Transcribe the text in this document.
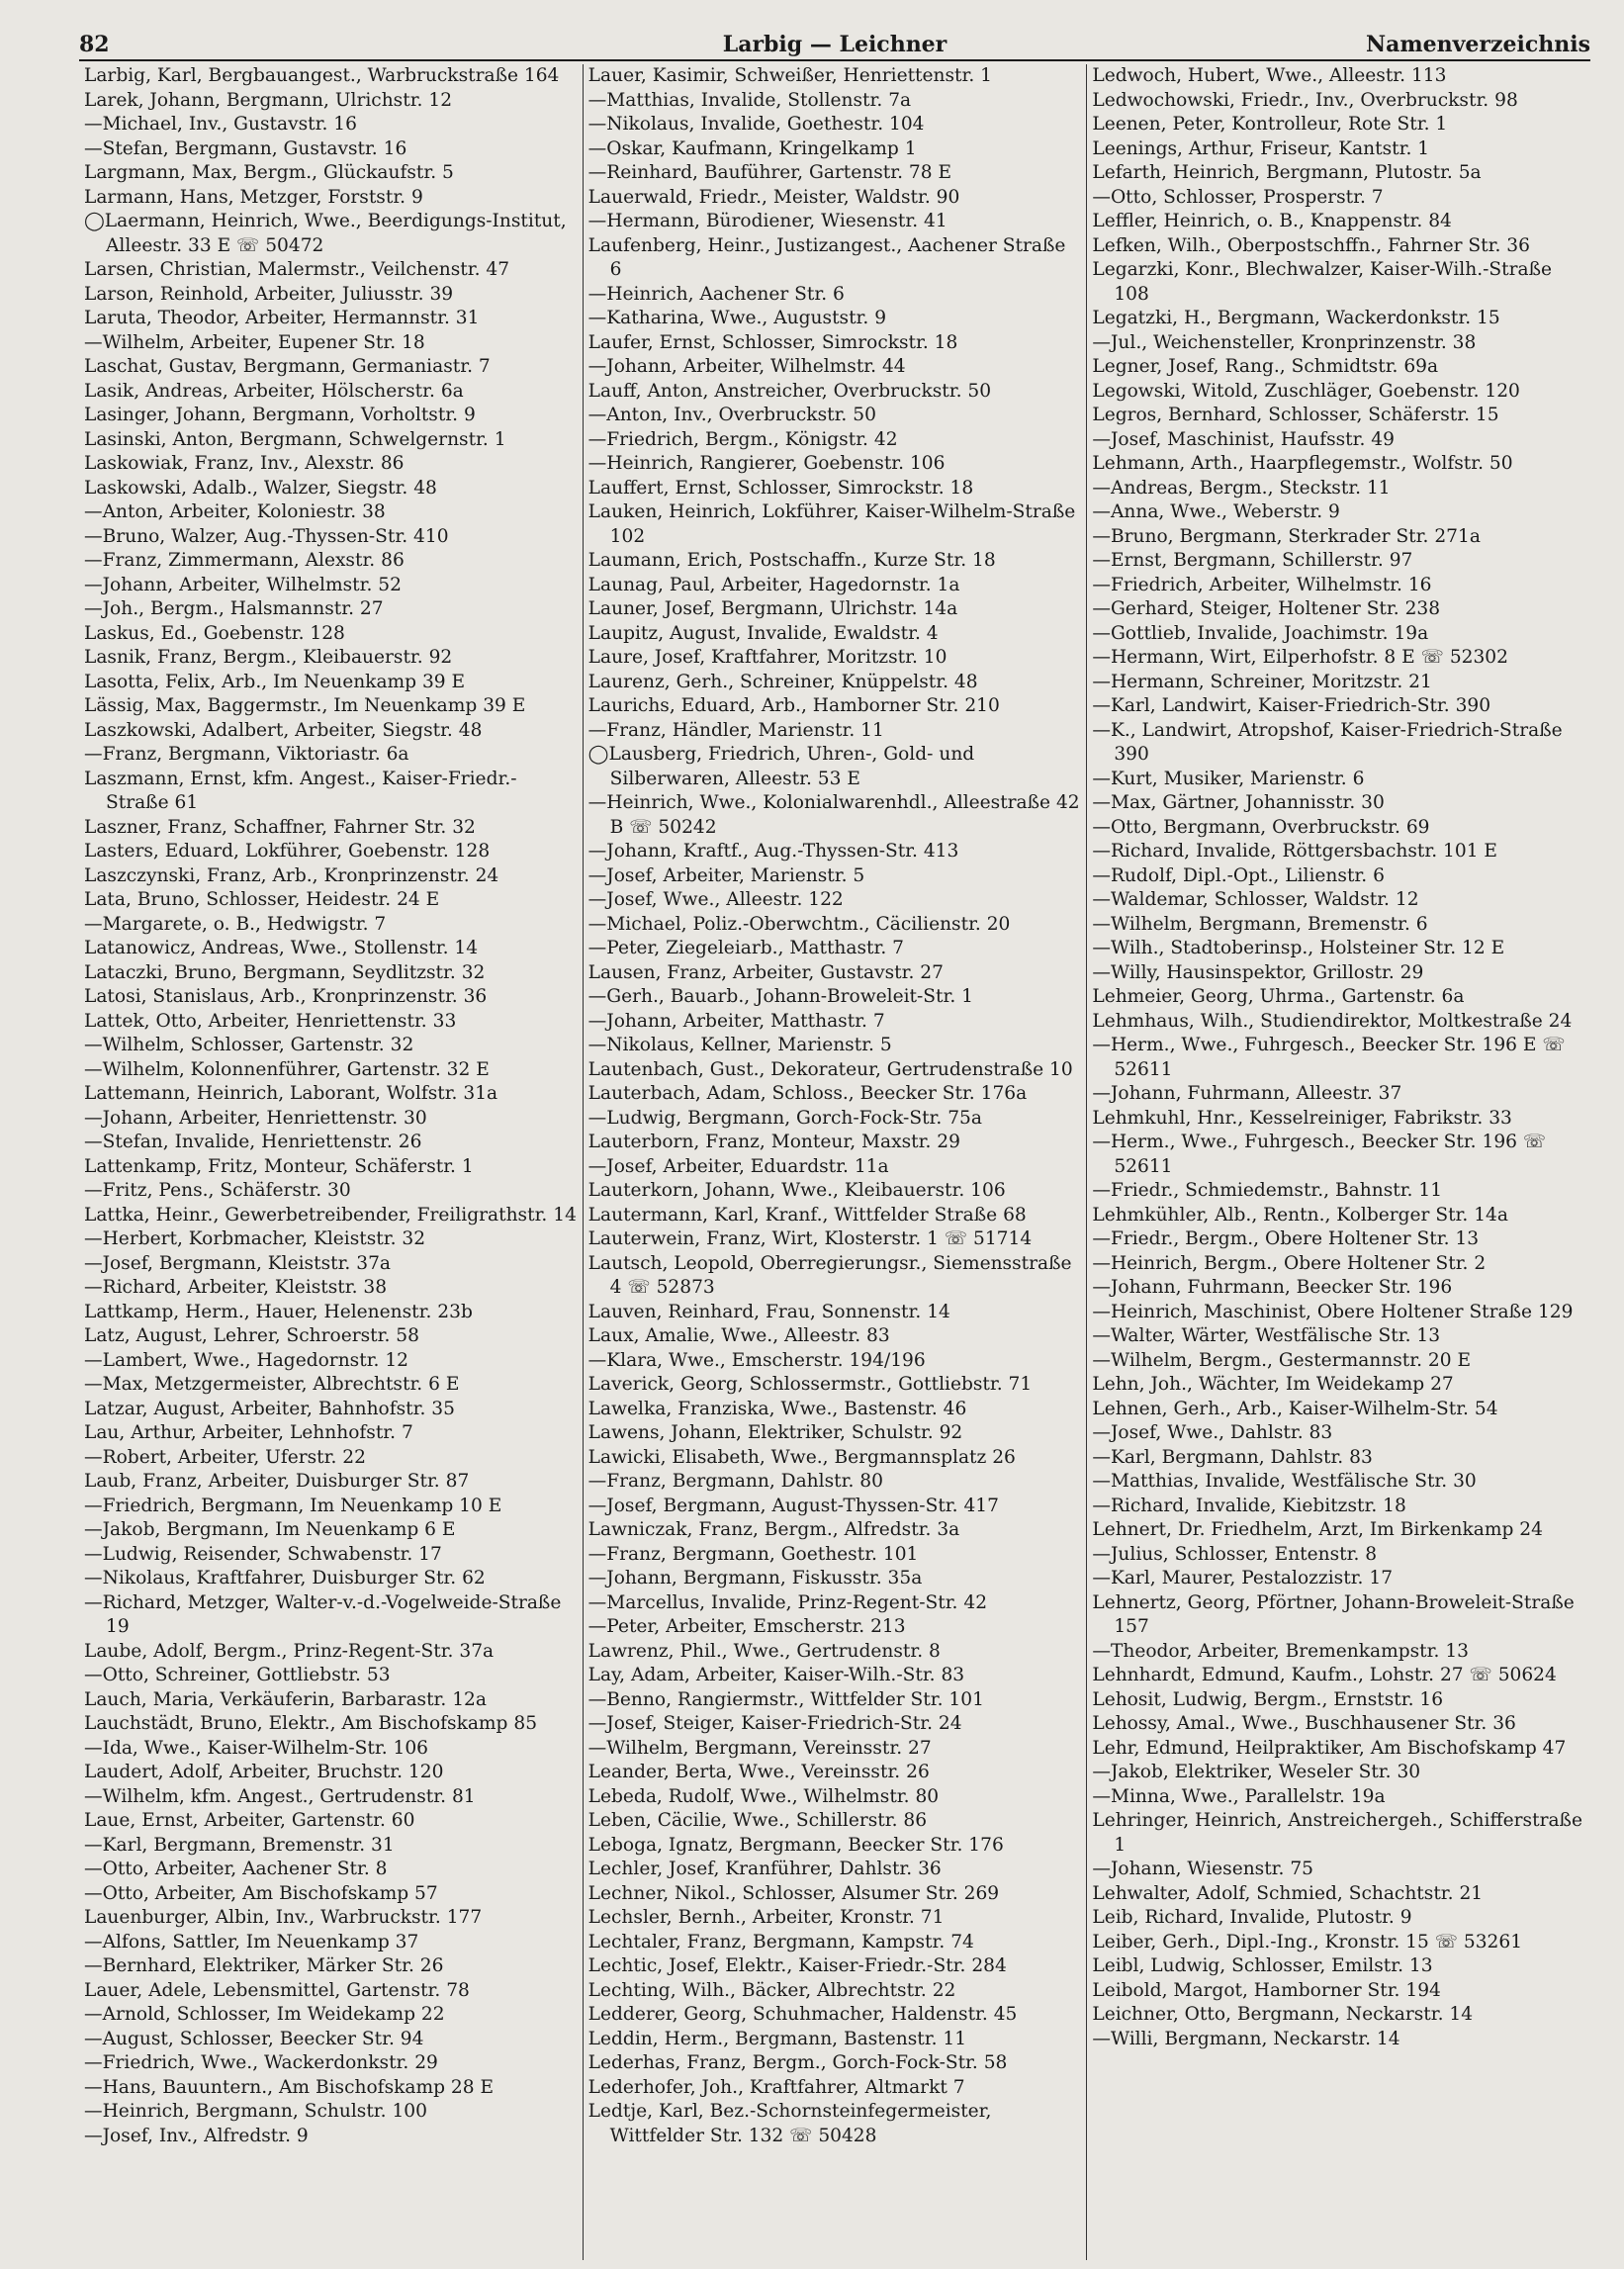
82	Larbig — Leichner	Namenverzeichnis

Larbig, Karl, Bergbauangest., Warbruckstraße 164

Larek, Johann, Bergmann, Ulrichstr. 12

—Michael, Inv., Gustavstr. 16

—Stefan, Bergmann, Gustavstr. 16

Largmann, Max, Bergm., Glückaufstr. 5

Larmann, Hans, Metzger, Forststr. 9

◯Laermann, Heinrich, Wwe., Beerdigungs-Institut, Alleestr. 33 E ☏ 50472

Larsen, Christian, Malermstr., Veilchenstr. 47

Larson, Reinhold, Arbeiter, Juliusstr. 39

Laruta, Theodor, Arbeiter, Hermannstr. 31

—Wilhelm, Arbeiter, Eupener Str. 18

Laschat, Gustav, Bergmann, Germaniastr. 7

Lasik, Andreas, Arbeiter, Hölscherstr. 6a

Lasinger, Johann, Bergmann, Vorholtstr. 9

Lasinski, Anton, Bergmann, Schwelgernstr. 1

Laskowiak, Franz, Inv., Alexstr. 86

Laskowski, Adalb., Walzer, Siegstr. 48

—Anton, Arbeiter, Koloniestr. 38

—Bruno, Walzer, Aug.-Thyssen-Str. 410

—Franz, Zimmermann, Alexstr. 86

—Johann, Arbeiter, Wilhelmstr. 52

—Joh., Bergm., Halsmannstr. 27

Laskus, Ed., Goebenstr. 128

Lasnik, Franz, Bergm., Kleibauerstr. 92

Lasotta, Felix, Arb., Im Neuenkamp 39 E

Lässig, Max, Baggermstr., Im Neuenkamp 39 E

Laszkowski, Adalbert, Arbeiter, Siegstr. 48

—Franz, Bergmann, Viktoriastr. 6a

Laszmann, Ernst, kfm. Angest., Kaiser-Friedr.-Straße 61

Laszner, Franz, Schaffner, Fahrner Str. 32

Lasters, Eduard, Lokführer, Goebenstr. 128

Laszczynski, Franz, Arb., Kronprinzenstr. 24

Lata, Bruno, Schlosser, Heidestr. 24 E

—Margarete, o. B., Hedwigstr. 7

Latanowicz, Andreas, Wwe., Stollenstr. 14

Lataczki, Bruno, Bergmann, Seydlitzstr. 32

Latosi, Stanislaus, Arb., Kronprinzenstr. 36

Lattek, Otto, Arbeiter, Henriettenstr. 33

—Wilhelm, Schlosser, Gartenstr. 32

—Wilhelm, Kolonnenführer, Gartenstr. 32 E

Lattemann, Heinrich, Laborant, Wolfstr. 31a

—Johann, Arbeiter, Henriettenstr. 30

—Stefan, Invalide, Henriettenstr. 26

Lattenkamp, Fritz, Monteur, Schäferstr. 1

—Fritz, Pens., Schäferstr. 30

Lattka, Heinr., Gewerbetreibender, Freiligrathstr. 14

—Herbert, Korbmacher, Kleiststr. 32

—Josef, Bergmann, Kleiststr. 37a

—Richard, Arbeiter, Kleiststr. 38

Lattkamp, Herm., Hauer, Helenenstr. 23b

Latz, August, Lehrer, Schroerstr. 58

—Lambert, Wwe., Hagedornstr. 12

—Max, Metzgermeister, Albrechtstr. 6 E

Latzar, August, Arbeiter, Bahnhofstr. 35

Lau, Arthur, Arbeiter, Lehnhofstr. 7

—Robert, Arbeiter, Uferstr. 22

Laub, Franz, Arbeiter, Duisburger Str. 87

—Friedrich, Bergmann, Im Neuenkamp 10 E

—Jakob, Bergmann, Im Neuenkamp 6 E

—Ludwig, Reisender, Schwabenstr. 17

—Nikolaus, Kraftfahrer, Duisburger Str. 62

—Richard, Metzger, Walter-v.-d.-Vogelweide-Straße 19

Laube, Adolf, Bergm., Prinz-Regent-Str. 37a

—Otto, Schreiner, Gottliebstr. 53

Lauch, Maria, Verkäuferin, Barbarastr. 12a

Lauchstädt, Bruno, Elektr., Am Bischofskamp 85

—Ida, Wwe., Kaiser-Wilhelm-Str. 106

Laudert, Adolf, Arbeiter, Bruchstr. 120

—Wilhelm, kfm. Angest., Gertrudenstr. 81

Laue, Ernst, Arbeiter, Gartenstr. 60

—Karl, Bergmann, Bremenstr. 31

—Otto, Arbeiter, Aachener Str. 8

—Otto, Arbeiter, Am Bischofskamp 57

Lauenburger, Albin, Inv., Warbruckstr. 177

—Alfons, Sattler, Im Neuenkamp 37

—Bernhard, Elektriker, Märker Str. 26

Lauer, Adele, Lebensmittel, Gartenstr. 78

—Arnold, Schlosser, Im Weidekamp 22

—August, Schlosser, Beecker Str. 94

—Friedrich, Wwe., Wackerdonkstr. 29

—Hans, Bauuntern., Am Bischofskamp 28 E

—Heinrich, Bergmann, Schulstr. 100

—Josef, Inv., Alfredstr. 9

Lauer, Kasimir, Schweißer, Henriettenstr. 1

—Matthias, Invalide, Stollenstr. 7a

—Nikolaus, Invalide, Goethestr. 104

—Oskar, Kaufmann, Kringelkamp 1

—Reinhard, Bauführer, Gartenstr. 78 E

Lauerwald, Friedr., Meister, Waldstr. 90

—Hermann, Bürodiener, Wiesenstr. 41

Laufenberg, Heinr., Justizangest., Aachener Straße 6

—Heinrich, Aachener Str. 6

—Katharina, Wwe., Auguststr. 9

Laufer, Ernst, Schlosser, Simrockstr. 18

—Johann, Arbeiter, Wilhelmstr. 44

Lauff, Anton, Anstreicher, Overbruckstr. 50

—Anton, Inv., Overbruckstr. 50

—Friedrich, Bergm., Königstr. 42

—Heinrich, Rangierer, Goebenstr. 106

Lauffert, Ernst, Schlosser, Simrockstr. 18

Lauken, Heinrich, Lokführer, Kaiser-Wilhelm-Straße 102

Laumann, Erich, Postschaffn., Kurze Str. 18

Launag, Paul, Arbeiter, Hagedornstr. 1a

Launer, Josef, Bergmann, Ulrichstr. 14a

Laupitz, August, Invalide, Ewaldstr. 4

Laure, Josef, Kraftfahrer, Moritzstr. 10

Laurenz, Gerh., Schreiner, Knüppelstr. 48

Laurichs, Eduard, Arb., Hamborner Str. 210

—Franz, Händler, Marienstr. 11

◯Lausberg, Friedrich, Uhren-, Gold- und Silberwaren, Alleestr. 53 E

—Heinrich, Wwe., Kolonialwarenhdl., Alleestraße 42 B ☏ 50242

—Johann, Kraftf., Aug.-Thyssen-Str. 413

—Josef, Arbeiter, Marienstr. 5

—Josef, Wwe., Alleestr. 122

—Michael, Poliz.-Oberwchtm., Cäcilienstr. 20

—Peter, Ziegeleiarb., Matthastr. 7

Lausen, Franz, Arbeiter, Gustavstr. 27

—Gerh., Bauarb., Johann-Broweleit-Str. 1

—Johann, Arbeiter, Matthastr. 7

—Nikolaus, Kellner, Marienstr. 5

Lautenbach, Gust., Dekorateur, Gertrudenstraße 10

Lauterbach, Adam, Schloss., Beecker Str. 176a

—Ludwig, Bergmann, Gorch-Fock-Str. 75a

Lauterborn, Franz, Monteur, Maxstr. 29

—Josef, Arbeiter, Eduardstr. 11a

Lauterkorn, Johann, Wwe., Kleibauerstr. 106

Lautermann, Karl, Kranf., Wittfelder Straße 68

Lauterwein, Franz, Wirt, Klosterstr. 1 ☏ 51714

Lautsch, Leopold, Oberregierungsr., Siemensstraße 4 ☏ 52873

Lauven, Reinhard, Frau, Sonnenstr. 14

Laux, Amalie, Wwe., Alleestr. 83

—Klara, Wwe., Emscherstr. 194/196

Laverick, Georg, Schlossermstr., Gottliebstr. 71

Lawelka, Franziska, Wwe., Bastenstr. 46

Lawens, Johann, Elektriker, Schulstr. 92

Lawicki, Elisabeth, Wwe., Bergmannsplatz 26

—Franz, Bergmann, Dahlstr. 80

—Josef, Bergmann, August-Thyssen-Str. 417

Lawniczak, Franz, Bergm., Alfredstr. 3a

—Franz, Bergmann, Goethestr. 101

—Johann, Bergmann, Fiskusstr. 35a

—Marcellus, Invalide, Prinz-Regent-Str. 42

—Peter, Arbeiter, Emscherstr. 213

Lawrenz, Phil., Wwe., Gertrudenstr. 8

Lay, Adam, Arbeiter, Kaiser-Wilh.-Str. 83

—Benno, Rangiermstr., Wittfelder Str. 101

—Josef, Steiger, Kaiser-Friedrich-Str. 24

—Wilhelm, Bergmann, Vereinsstr. 27

Leander, Berta, Wwe., Vereinsstr. 26

Lebeda, Rudolf, Wwe., Wilhelmstr. 80

Leben, Cäcilie, Wwe., Schillerstr. 86

Leboga, Ignatz, Bergmann, Beecker Str. 176

Lechler, Josef, Kranführer, Dahlstr. 36

Lechner, Nikol., Schlosser, Alsumer Str. 269

Lechsler, Bernh., Arbeiter, Kronstr. 71

Lechtaler, Franz, Bergmann, Kampstr. 74

Lechtic, Josef, Elektr., Kaiser-Friedr.-Str. 284

Lechting, Wilh., Bäcker, Albrechtstr. 22

Ledderer, Georg, Schuhmacher, Haldenstr. 45

Leddin, Herm., Bergmann, Bastenstr. 11

Lederhas, Franz, Bergm., Gorch-Fock-Str. 58

Lederhofer, Joh., Kraftfahrer, Altmarkt 7

Ledtje, Karl, Bez.-Schornsteinfegermeister, Wittfelder Str. 132 ☏ 50428

Ledwoch, Hubert, Wwe., Alleestr. 113

Ledwochowski, Friedr., Inv., Overbruckstr. 98

Leenen, Peter, Kontrolleur, Rote Str. 1

Leenings, Arthur, Friseur, Kantstr. 1

Lefarth, Heinrich, Bergmann, Plutostr. 5a

—Otto, Schlosser, Prosperstr. 7

Leffler, Heinrich, o. B., Knappenstr. 84

Lefken, Wilh., Oberpostschffn., Fahrner Str. 36

Legarzki, Konr., Blechwalzer, Kaiser-Wilh.-Straße 108

Legatzki, H., Bergmann, Wackerdonkstr. 15

—Jul., Weichensteller, Kronprinzenstr. 38

Legner, Josef, Rang., Schmidtstr. 69a

Legowski, Witold, Zuschläger, Goebenstr. 120

Legros, Bernhard, Schlosser, Schäferstr. 15

—Josef, Maschinist, Haufsstr. 49

Lehmann, Arth., Haarpflegemstr., Wolfstr. 50

—Andreas, Bergm., Steckstr. 11

—Anna, Wwe., Weberstr. 9

—Bruno, Bergmann, Sterkrader Str. 271a

—Ernst, Bergmann, Schillerstr. 97

—Friedrich, Arbeiter, Wilhelmstr. 16

—Gerhard, Steiger, Holtener Str. 238

—Gottlieb, Invalide, Joachimstr. 19a

—Hermann, Wirt, Eilperhofstr. 8 E ☏ 52302

—Hermann, Schreiner, Moritzstr. 21

—Karl, Landwirt, Kaiser-Friedrich-Str. 390

—K., Landwirt, Atropshof, Kaiser-Friedrich-Straße 390

—Kurt, Musiker, Marienstr. 6

—Max, Gärtner, Johannisstr. 30

—Otto, Bergmann, Overbruckstr. 69

—Richard, Invalide, Röttgersbachstr. 101 E

—Rudolf, Dipl.-Opt., Lilienstr. 6

—Waldemar, Schlosser, Waldstr. 12

—Wilhelm, Bergmann, Bremenstr. 6

—Wilh., Stadtoberinsp., Holsteiner Str. 12 E

—Willy, Hausinspektor, Grillostr. 29

Lehmeier, Georg, Uhrma., Gartenstr. 6a

Lehmhaus, Wilh., Studiendirektor, Moltkestraße 24

—Herm., Wwe., Fuhrgesch., Beecker Str. 196 E ☏ 52611

—Johann, Fuhrmann, Alleestr. 37

Lehmkuhl, Hnr., Kesselreiniger, Fabrikstr. 33

—Herm., Wwe., Fuhrgesch., Beecker Str. 196 ☏ 52611

—Friedr., Schmiedemstr., Bahnstr. 11

Lehmkühler, Alb., Rentn., Kolberger Str. 14a

—Friedr., Bergm., Obere Holtener Str. 13

—Heinrich, Bergm., Obere Holtener Str. 2

—Johann, Fuhrmann, Beecker Str. 196

—Heinrich, Maschinist, Obere Holtener Straße 129

—Walter, Wärter, Westfälische Str. 13

—Wilhelm, Bergm., Gestermannstr. 20 E

Lehn, Joh., Wächter, Im Weidekamp 27

Lehnen, Gerh., Arb., Kaiser-Wilhelm-Str. 54

—Josef, Wwe., Dahlstr. 83

—Karl, Bergmann, Dahlstr. 83

—Matthias, Invalide, Westfälische Str. 30

—Richard, Invalide, Kiebitzstr. 18

Lehnert, Dr. Friedhelm, Arzt, Im Birkenkamp 24

—Julius, Schlosser, Entenstr. 8

—Karl, Maurer, Pestalozzistr. 17

Lehnertz, Georg, Pförtner, Johann-Broweleit-Straße 157

—Theodor, Arbeiter, Bremenkampstr. 13

Lehnhardt, Edmund, Kaufm., Lohstr. 27 ☏ 50624

Lehosit, Ludwig, Bergm., Ernststr. 16

Lehossy, Amal., Wwe., Buschhausener Str. 36

Lehr, Edmund, Heilpraktiker, Am Bischofskamp 47

—Jakob, Elektriker, Weseler Str. 30

—Minna, Wwe., Parallelstr. 19a

Lehringer, Heinrich, Anstreichergeh., Schifferstraße 1

—Johann, Wiesenstr. 75

Lehwalter, Adolf, Schmied, Schachtstr. 21

Leib, Richard, Invalide, Plutostr. 9

Leiber, Gerh., Dipl.-Ing., Kronstr. 15 ☏ 53261

Leibl, Ludwig, Schlosser, Emilstr. 13

Leibold, Margot, Hamborner Str. 194

Leichner, Otto, Bergmann, Neckarstr. 14

—Willi, Bergmann, Neckarstr. 14
